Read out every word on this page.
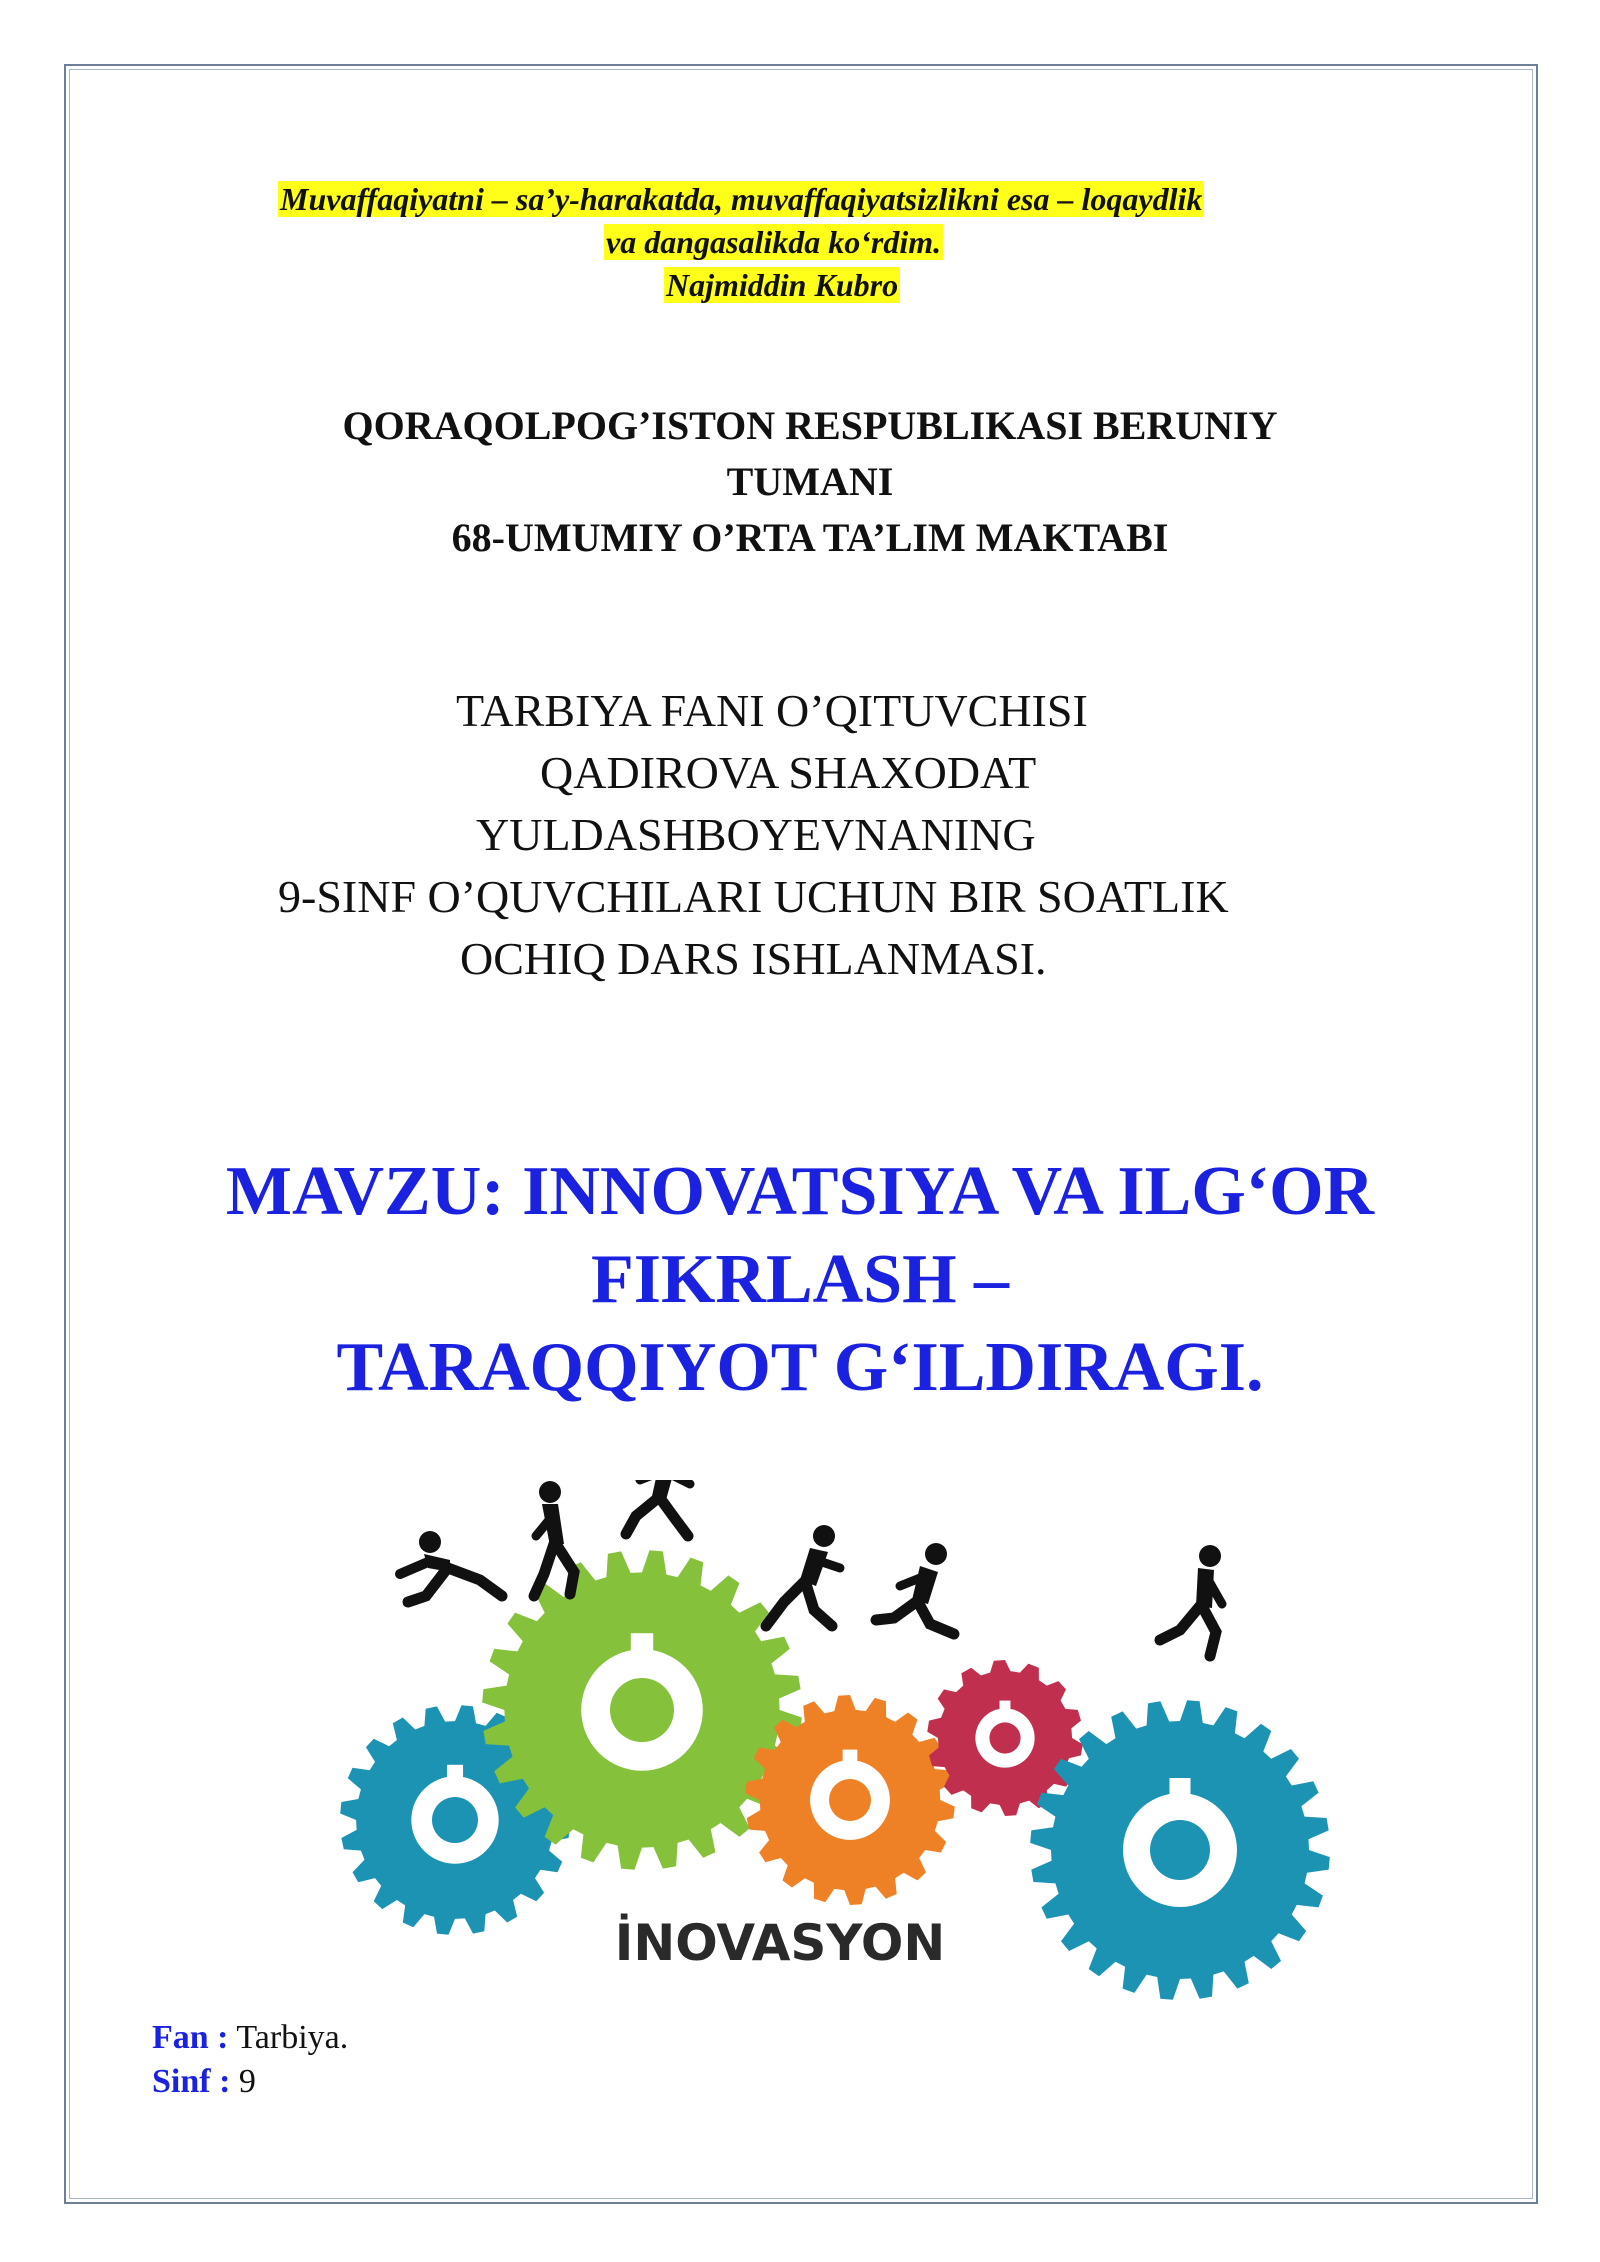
Muvaffaqiyatni – sa’y-harakatda, muvaffaqiyatsizlikni esa – loqaydlik
va dangasalikda ko‘rdim.
Najmiddin Kubro
QORAQOLPOG’ISTON RESPUBLIKASI BERUNIY
TUMANI
68-UMUMIY O’RTA TA’LIM MAKTABI
TARBIYA FANI O’QITUVCHISI
QADIROVA SHAXODAT
YULDASHBOYEVNANING
9-SINF O’QUVCHILARI UCHUN BIR SOATLIK
OCHIQ DARS ISHLANMASI.
MAVZU: INNOVATSIYA VA ILG‘OR
FIKRLASH –
TARAQQIYOT G‘ILDIRAGI.
İNOVASYON
Fan : Tarbiya.
Sinf : 9
